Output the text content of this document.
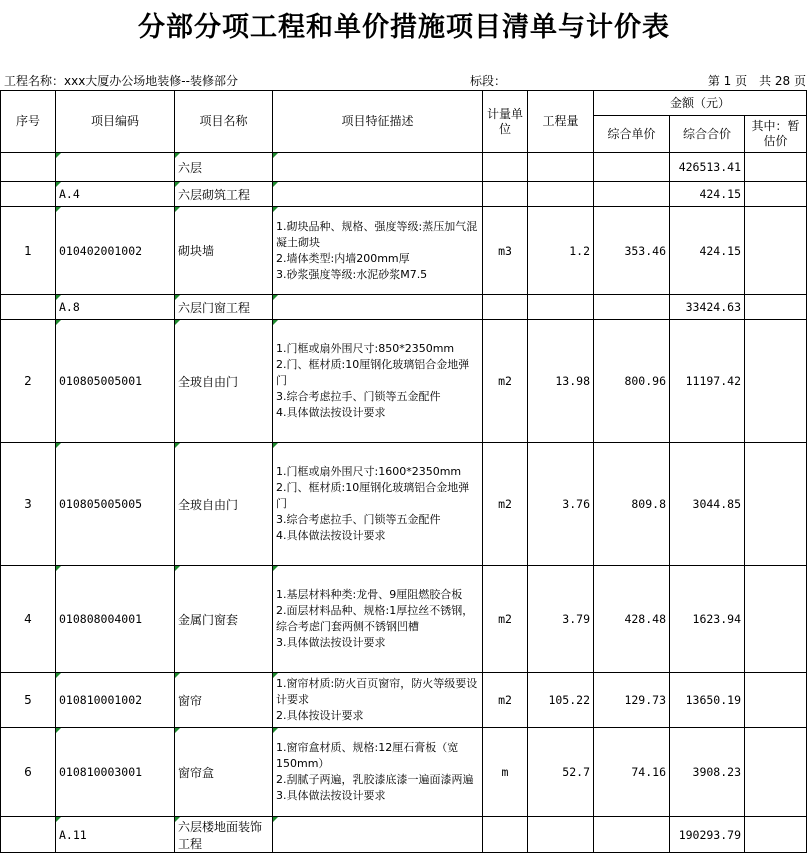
分部分项工程和单价措施项目清单与计价表
工程名称：xxx大厦办公场地装修--装修部分	标段：	第 1 页　共 28 页
序号	项目编码	项目名称	项目特征描述	计量单位	工程量	金额（元）		
						综合单价	综合合价	其中：暂估价
		六层					426513.41	
	A.4	六层砌筑工程					424.15	
1	010402001002	砌块墙	1.砌块品种、规格、强度等级:蒸压加气混凝土砌块
2.墙体类型:内墙200mm厚
3.砂浆强度等级:水泥砂浆M7.5	m3	1.2	353.46	424.15	
	A.8	六层门窗工程					33424.63	
2	010805005001	全玻自由门	1.门框或扇外围尺寸:850*2350mm
2.门、框材质:10厘钢化玻璃铝合金地弹门
3.综合考虑拉手、门锁等五金配件
4.具体做法按设计要求	m2	13.98	800.96	11197.42	
3	010805005005	全玻自由门	1.门框或扇外围尺寸:1600*2350mm
2.门、框材质:10厘钢化玻璃铝合金地弹门
3.综合考虑拉手、门锁等五金配件
4.具体做法按设计要求	m2	3.76	809.8	3044.85	
4	010808004001	金属门窗套	1.基层材料种类:龙骨、9厘阻燃胶合板
2.面层材料品种、规格:1厚拉丝不锈钢，综合考虑门套两侧不锈钢凹槽
3.具体做法按设计要求	m2	3.79	428.48	1623.94	
5	010810001002	窗帘	1.窗帘材质:防火百页窗帘，防火等级要设计要求
2.具体按设计要求	m2	105.22	129.73	13650.19	
6	010810003001	窗帘盒	1.窗帘盒材质、规格:12厘石膏板（宽150mm）
2.刮腻子两遍，乳胶漆底漆一遍面漆两遍
3.具体做法按设计要求	m	52.7	74.16	3908.23	
	A.11	六层楼地面装饰工程					190293.79	
